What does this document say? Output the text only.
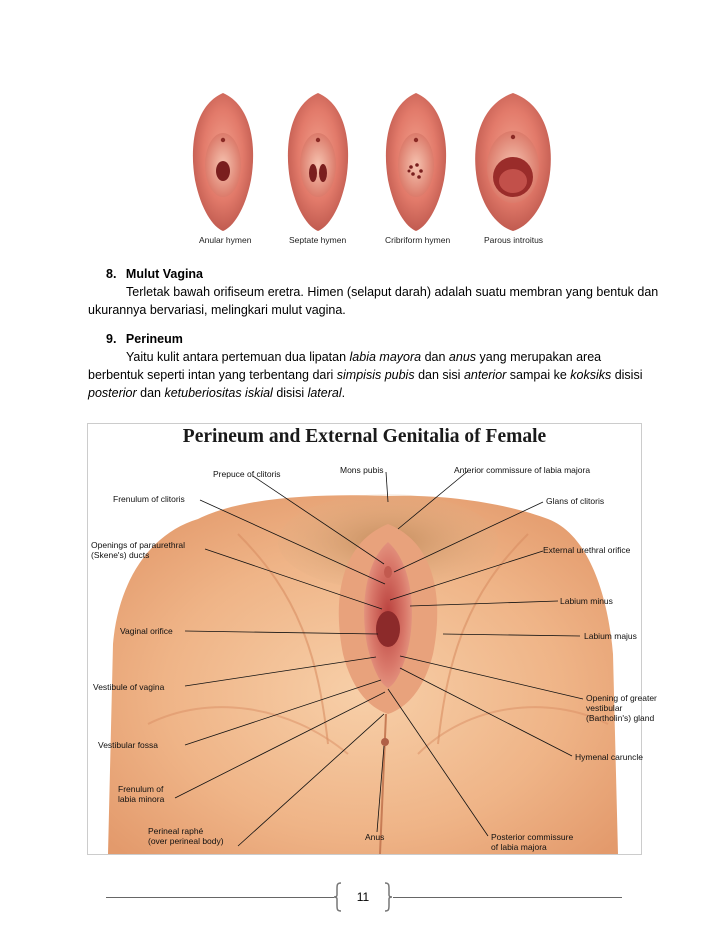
Anular hymen	Septate hymen	Cribriform hymen	Parous introitus
8. Mulut Vagina
Terletak bawah orifiseum eretra. Himen (selaput darah) adalah suatu membran yang bentuk dan
ukurannya bervariasi, melingkari mulut vagina.
9. Perineum
Yaitu kulit antara pertemuan dua lipatan labia mayora dan anus yang merupakan area
berbentuk seperti intan yang terbentang dari simpisis pubis dan sisi anterior sampai ke koksiks disisi
posterior dan ketuberiositas iskial disisi lateral.
Perineum and External Genitalia of Female
Prepuce of clitoris	Mons pubis	Anterior commissure of labia majora
Frenulum of clitoris	Glans of clitoris
Openings of paraurethral
(Skene's) ducts	External urethral orifice
Labium minus
Vaginal orifice	Labium majus
Vestibule of vagina
Opening of greater
vestibular
(Bartholin's) gland
Vestibular fossa
Hymenal caruncle
Frenulum of
labia minora
Perineal raphé
(over perineal body)	Anus	Posterior commissure
of labia majora
11
